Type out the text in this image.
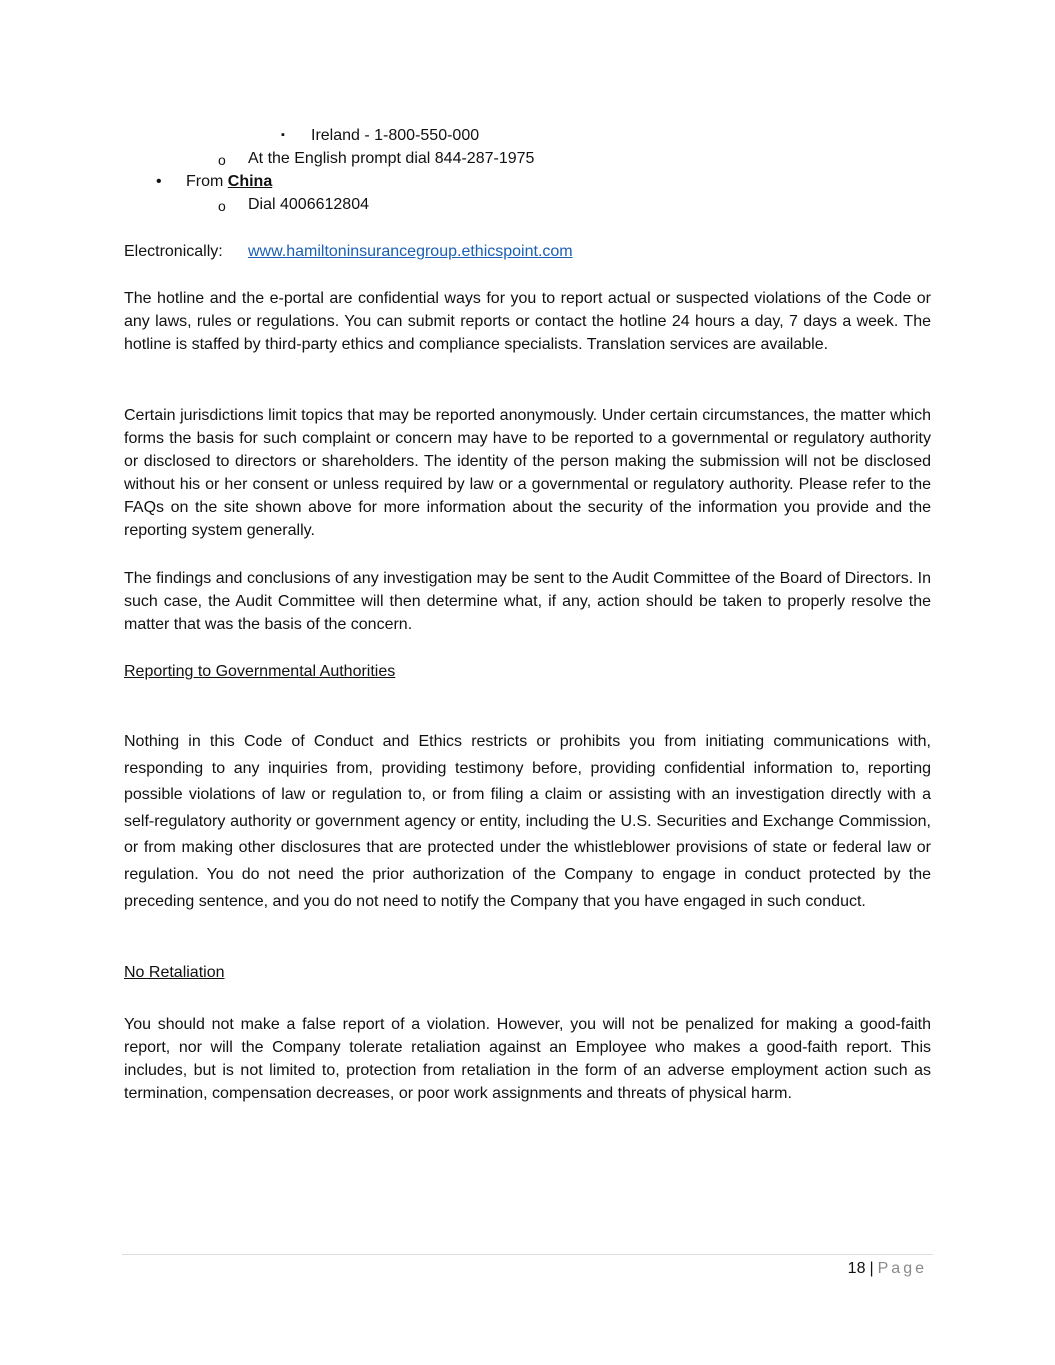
▪ Ireland - 1-800-550-000
o At the English prompt dial 844-287-1975
• From China
o Dial 4006612804
Electronically: www.hamiltoninsurancegroup.ethicspoint.com

The hotline and the e-portal are confidential ways for you to report actual or suspected violations of the Code or any laws, rules or regulations. You can submit reports or contact the hotline 24 hours a day, 7 days a week. The hotline is staffed by third-party ethics and compliance specialists. Translation services are available.

Certain jurisdictions limit topics that may be reported anonymously. Under certain circumstances, the matter which forms the basis for such complaint or concern may have to be reported to a governmental or regulatory authority or disclosed to directors or shareholders. The identity of the person making the submission will not be disclosed without his or her consent or unless required by law or a governmental or regulatory authority. Please refer to the FAQs on the site shown above for more information about the security of the information you provide and the reporting system generally.

The findings and conclusions of any investigation may be sent to the Audit Committee of the Board of Directors. In such case, the Audit Committee will then determine what, if any, action should be taken to properly resolve the matter that was the basis of the concern.

Reporting to Governmental Authorities

Nothing in this Code of Conduct and Ethics restricts or prohibits you from initiating communications with, responding to any inquiries from, providing testimony before, providing confidential information to, reporting possible violations of law or regulation to, or from filing a claim or assisting with an investigation directly with a self-regulatory authority or government agency or entity, including the U.S. Securities and Exchange Commission, or from making other disclosures that are protected under the whistleblower provisions of state or federal law or regulation. You do not need the prior authorization of the Company to engage in conduct protected by the preceding sentence, and you do not need to notify the Company that you have engaged in such conduct.

No Retaliation

You should not make a false report of a violation. However, you will not be penalized for making a good-faith report, nor will the Company tolerate retaliation against an Employee who makes a good-faith report. This includes, but is not limited to, protection from retaliation in the form of an adverse employment action such as termination, compensation decreases, or poor work assignments and threats of physical harm.

18 | Page
